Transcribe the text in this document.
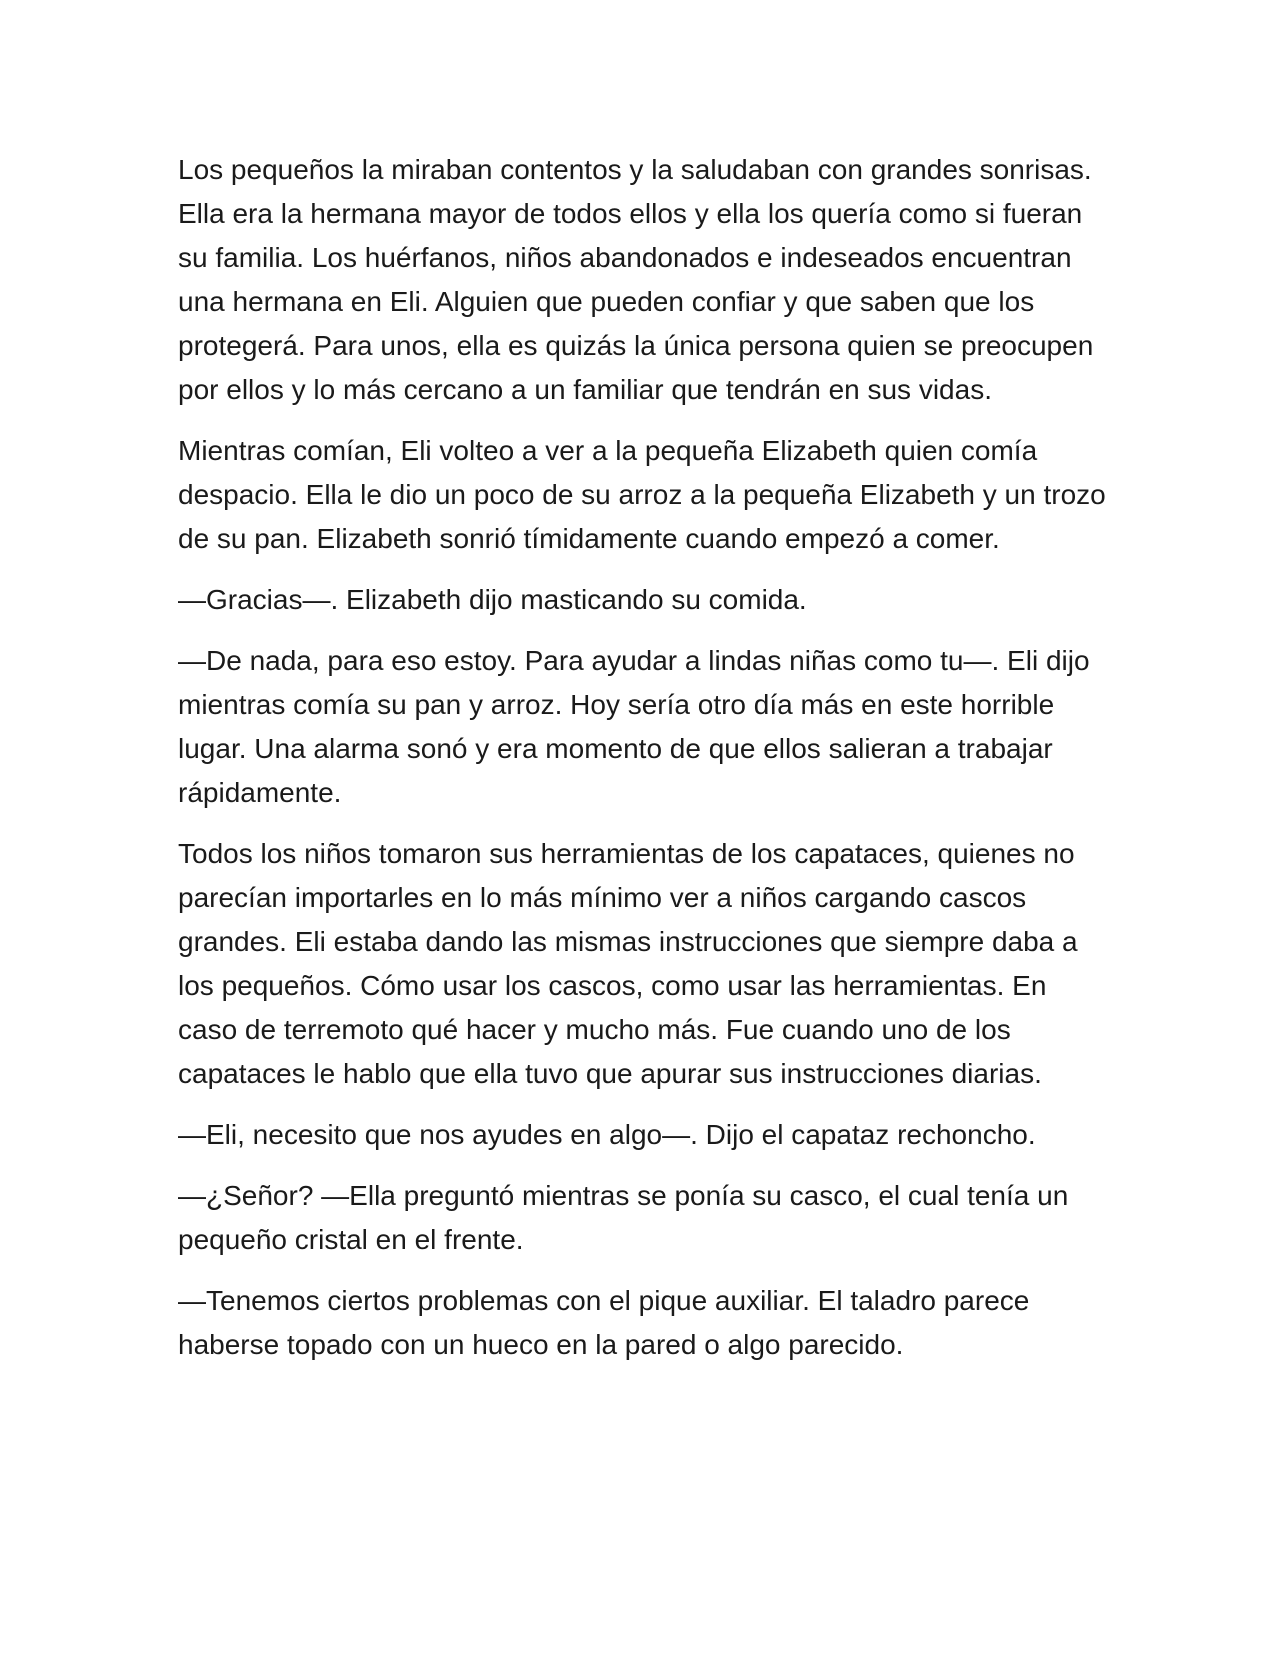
Los pequeños la miraban contentos y la saludaban con grandes sonrisas. Ella era la hermana mayor de todos ellos y ella los quería como si fueran su familia. Los huérfanos, niños abandonados e indeseados encuentran una hermana en Eli. Alguien que pueden confiar y que saben que los protegerá. Para unos, ella es quizás la única persona quien se preocupen por ellos y lo más cercano a un familiar que tendrán en sus vidas.

Mientras comían, Eli volteo a ver a la pequeña Elizabeth quien comía despacio. Ella le dio un poco de su arroz a la pequeña Elizabeth y un trozo de su pan. Elizabeth sonrió tímidamente cuando empezó a comer.

—Gracias—. Elizabeth dijo masticando su comida.

—De nada, para eso estoy. Para ayudar a lindas niñas como tu—. Eli dijo mientras comía su pan y arroz. Hoy sería otro día más en este horrible lugar. Una alarma sonó y era momento de que ellos salieran a trabajar rápidamente.

Todos los niños tomaron sus herramientas de los capataces, quienes no parecían importarles en lo más mínimo ver a niños cargando cascos grandes. Eli estaba dando las mismas instrucciones que siempre daba a los pequeños. Cómo usar los cascos, como usar las herramientas. En caso de terremoto qué hacer y mucho más. Fue cuando uno de los capataces le hablo que ella tuvo que apurar sus instrucciones diarias.

—Eli, necesito que nos ayudes en algo—. Dijo el capataz rechoncho.

—¿Señor? —Ella preguntó mientras se ponía su casco, el cual tenía un pequeño cristal en el frente.

—Tenemos ciertos problemas con el pique auxiliar. El taladro parece haberse topado con un hueco en la pared o algo parecido.
